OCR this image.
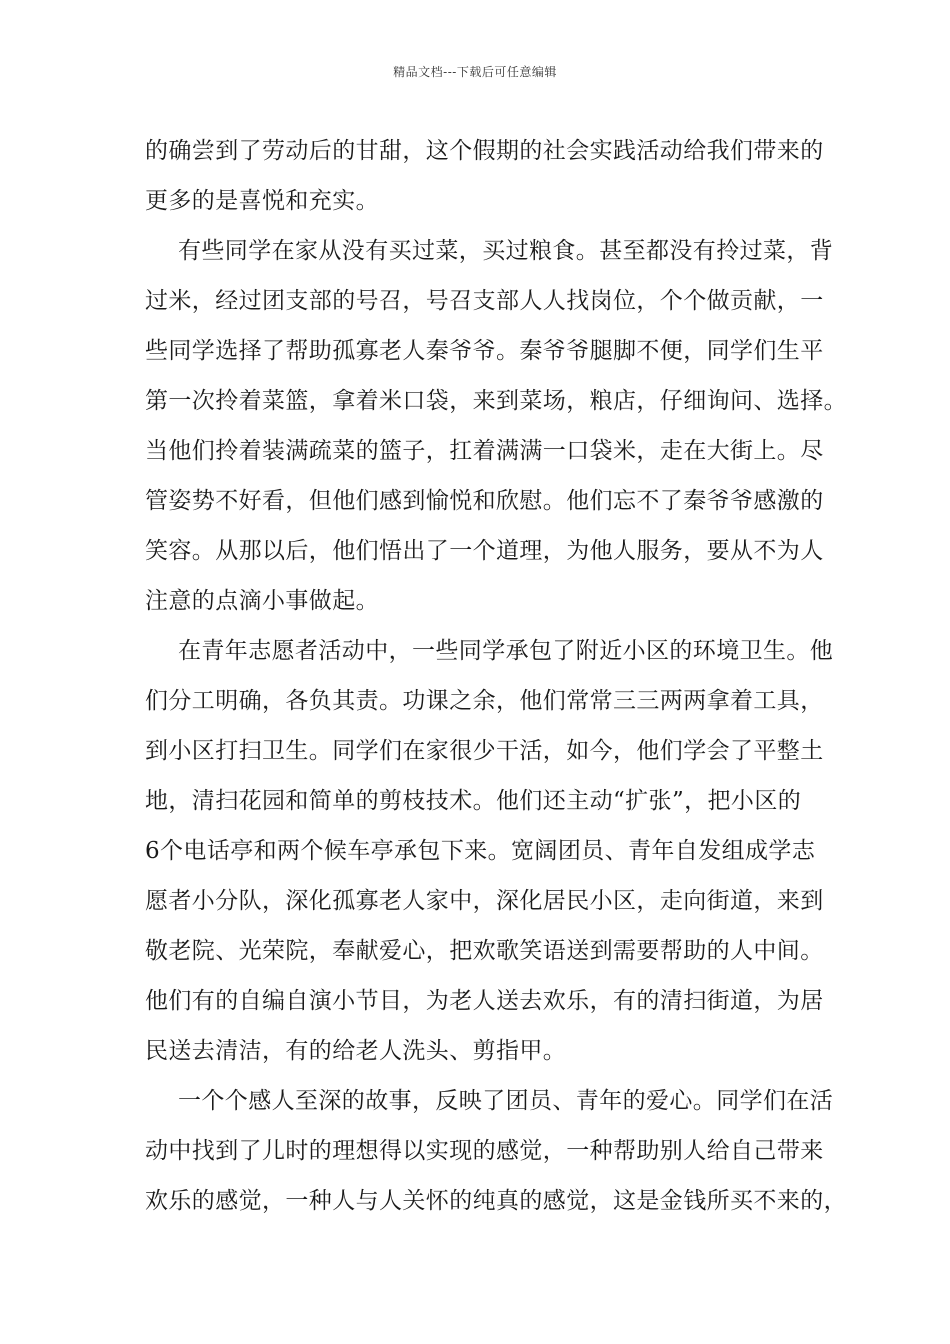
精品文档---下载后可任意编辑
的确尝到了劳动后的甘甜，这个假期的社会实践活动给我们带来的
更多的是喜悦和充实。
有些同学在家从没有买过菜，买过粮食。甚至都没有拎过菜，背
过米，经过团支部的号召，号召支部人人找岗位，个个做贡献，一
些同学选择了帮助孤寡老人秦爷爷。秦爷爷腿脚不便，同学们生平
第一次拎着菜篮，拿着米口袋，来到菜场，粮店，仔细询问、选择。
当他们拎着装满疏菜的篮子，扛着满满一口袋米，走在大街上。尽
管姿势不好看，但他们感到愉悦和欣慰。他们忘不了秦爷爷感激的
笑容。从那以后，他们悟出了一个道理，为他人服务，要从不为人
注意的点滴小事做起。
在青年志愿者活动中，一些同学承包了附近小区的环境卫生。他
们分工明确，各负其责。功课之余，他们常常三三两两拿着工具，
到小区打扫卫生。同学们在家很少干活，如今，他们学会了平整土
地，清扫花园和简单的剪枝技术。他们还主动“扩张”，把小区的
6个电话亭和两个候车亭承包下来。宽阔团员、青年自发组成学志
愿者小分队，深化孤寡老人家中，深化居民小区，走向街道，来到
敬老院、光荣院，奉献爱心，把欢歌笑语送到需要帮助的人中间。
他们有的自编自演小节目，为老人送去欢乐，有的清扫街道，为居
民送去清洁，有的给老人洗头、剪指甲。
一个个感人至深的故事，反映了团员、青年的爱心。同学们在活
动中找到了儿时的理想得以实现的感觉，一种帮助别人给自己带来
欢乐的感觉，一种人与人关怀的纯真的感觉，这是金钱所买不来的，
